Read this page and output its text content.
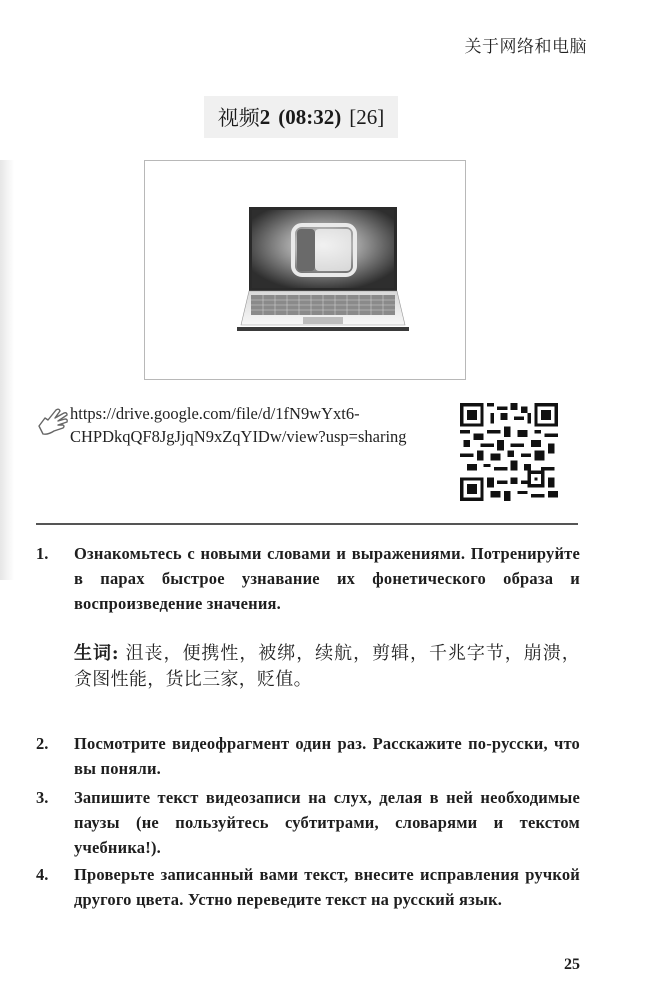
关于网络和电脑
视频 2 (08:32) [26]
https://drive.google.com/file/d/1fN9wYxt6-
CHPDkqQF8JgJjqN9xZqYIDw/view?usp=sharing
1. Ознакомьтесь с новыми словами и выражениями. Потренируйте в парах быстрое узнавание их фонетического образа и воспроизведение значения.
生词: 沮丧，便携性，被绑，续航，剪辑，千兆字节，崩溃，贪图性能，货比三家，贬值。
2. Посмотрите видеофрагмент один раз. Расскажите по-русски, что вы поняли.
3. Запишите текст видеозаписи на слух, делая в ней необходимые паузы (не пользуйтесь субтитрами, словарями и текстом учебника!).
4. Проверьте записанный вами текст, внесите исправления ручкой другого цвета. Устно переведите текст на русский язык.
25
